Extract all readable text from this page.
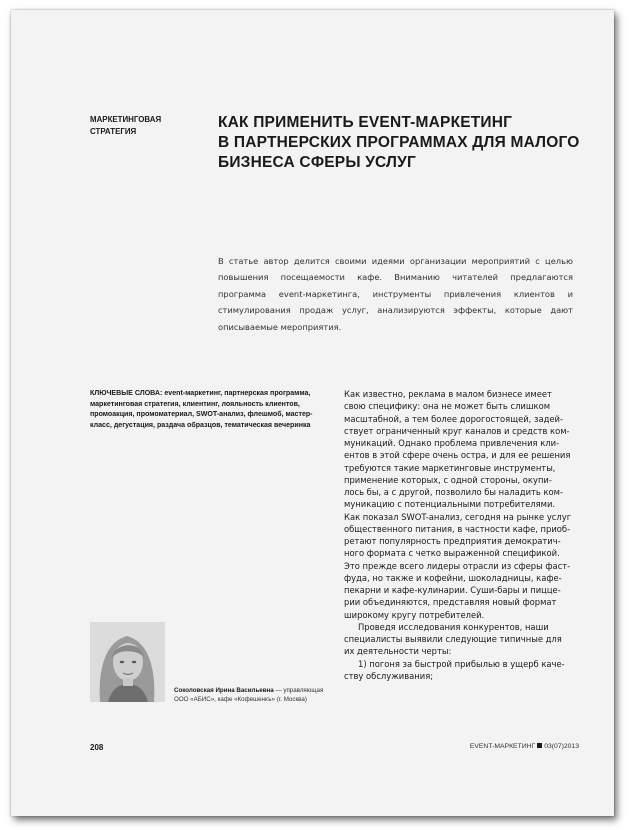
МАРКЕТИНГОВАЯ
СТРАТЕГИЯ	КАК ПРИМЕНИТЬ EVENT-МАРКЕТИНГ
В ПАРТНЕРСКИХ ПРОГРАММАХ ДЛЯ МАЛОГО
БИЗНЕСА СФЕРЫ УСЛУГ
В статье автор делится своими идеями организации мероприятий с целью повышения посещаемости кафе. Вниманию читателей предлагаются программа event-маркетинга, инструменты привлечения клиентов и стимулирования продаж услуг, анализируются эффекты, которые дают описываемые мероприятия.
КЛЮЧЕВЫЕ СЛОВА: event-маркетинг, партнерская программа, маркетинговая стратегия, клиентинг, лояльность клиентов, промоакция, промоматериал, SWOT-анализ, флешмоб, мастер-класс, дегустация, раздача образцов, тематическая вечеринка

Как известно, реклама в малом бизнесе имеет
свою специфику: она не может быть слишком
масштабной, а тем более дорогостоящей, задей-
ствует ограниченный круг каналов и средств ком-
муникаций. Однако проблема привлечения кли-
ентов в этой сфере очень остра, и для ее решения
требуются такие маркетинговые инструменты,
применение которых, с одной стороны, окупи-
лось бы, а с другой, позволило бы наладить ком-
муникацию с потенциальными потребителями.

Как показал SWOT-анализ, сегодня на рынке услуг
общественного питания, в частности кафе, приоб-
ретают популярность предприятия демократич-
ного формата с четко выраженной спецификой.
Это прежде всего лидеры отрасли из сферы фаст-
фуда, но также и кофейни, шоколадницы, кафе-
пекарни и кафе-кулинарии. Суши-бары и пицце-
рии объединяются, представляя новый формат
широкому кругу потребителей.

Проведя исследования конкурентов, наши
специалисты выявили следующие типичные для
их деятельности черты:

1) погоня за быстрой прибылью в ущерб каче-
ству обслуживания;

Соколовская Ирина Васильевна — управляющая
ООО «АБИС», кафе «Кофешенкъ» (г. Москва)
208	EVENT-МАРКЕТИНГ 03(07)2013
